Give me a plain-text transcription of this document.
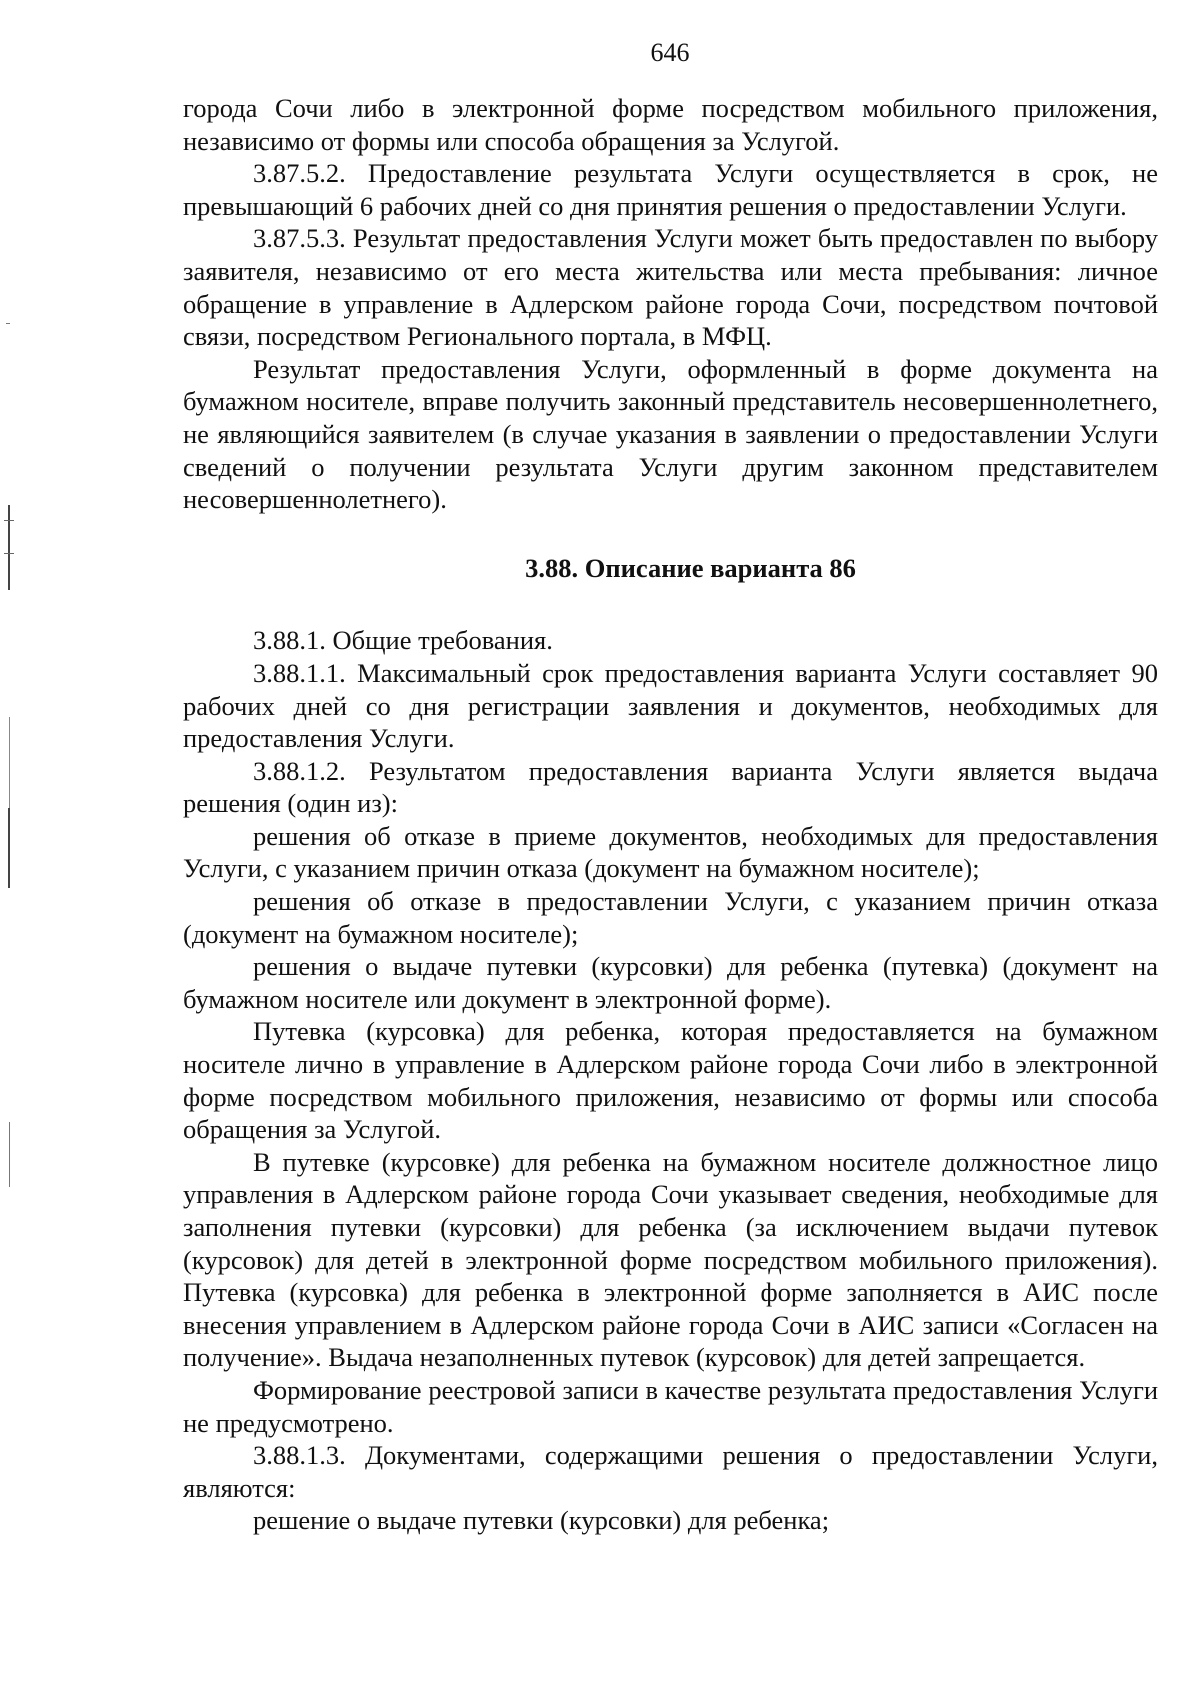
646

города Сочи либо в электронной форме посредством мобильного приложения, независимо от формы или способа обращения за Услугой.

3.87.5.2. Предоставление результата Услуги осуществляется в срок, не превышающий 6 рабочих дней со дня принятия решения о предоставлении Услуги.

3.87.5.3. Результат предоставления Услуги может быть предоставлен по выбору заявителя, независимо от его места жительства или места пребывания: личное обращение в управление в Адлерском районе города Сочи, посредством почтовой связи, посредством Регионального портала, в МФЦ.

Результат предоставления Услуги, оформленный в форме документа на бумажном носителе, вправе получить законный представитель несовершеннолетнего, не являющийся заявителем (в случае указания в заявлении о предоставлении Услуги сведений о получении результата Услуги другим законном представителем несовершеннолетнего).

3.88. Описание варианта 86

3.88.1. Общие требования.

3.88.1.1. Максимальный срок предоставления варианта Услуги составляет 90 рабочих дней со дня регистрации заявления и документов, необходимых для предоставления Услуги.

3.88.1.2. Результатом предоставления варианта Услуги является выдача решения (один из):

решения об отказе в приеме документов, необходимых для предоставления Услуги, с указанием причин отказа (документ на бумажном носителе);

решения об отказе в предоставлении Услуги, с указанием причин отказа (документ на бумажном носителе);

решения о выдаче путевки (курсовки) для ребенка (путевка) (документ на бумажном носителе или документ в электронной форме).

Путевка (курсовка) для ребенка, которая предоставляется на бумажном носителе лично в управление в Адлерском районе города Сочи либо в электронной форме посредством мобильного приложения, независимо от формы или способа обращения за Услугой.

В путевке (курсовке) для ребенка на бумажном носителе должностное лицо управления в Адлерском районе города Сочи указывает сведения, необходимые для заполнения путевки (курсовки) для ребенка (за исключением выдачи путевок (курсовок) для детей в электронной форме посредством мобильного приложения). Путевка (курсовка) для ребенка в электронной форме заполняется в АИС после внесения управлением в Адлерском районе города Сочи в АИС записи «Согласен на получение». Выдача незаполненных путевок (курсовок) для детей запрещается.

Формирование реестровой записи в качестве результата предоставления Услуги не предусмотрено.

3.88.1.3. Документами, содержащими решения о предоставлении Услуги, являются:

решение о выдаче путевки (курсовки) для ребенка;
